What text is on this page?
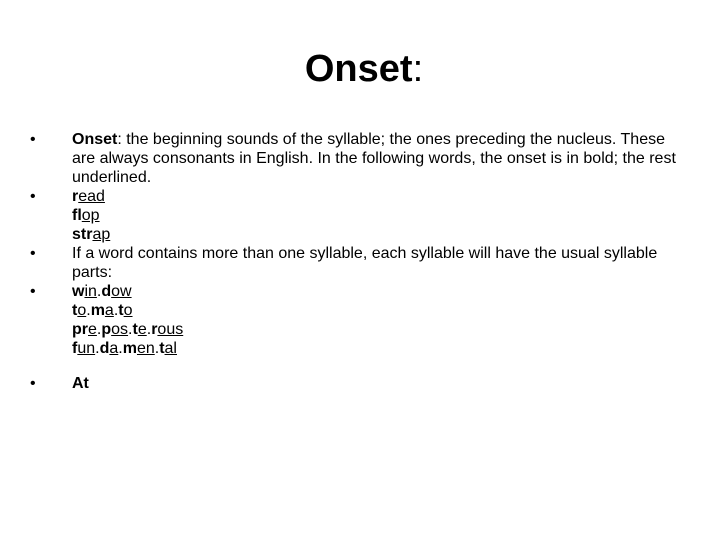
Onset:
• Onset: the beginning sounds of the syllable; the ones preceding the nucleus. These are always consonants in English. In the following words, the onset is in bold; the rest underlined.
• read
flop
strap
• If a word contains more than one syllable, each syllable will have the usual syllable parts:
• win.dow
to.ma.to
pre.pos.te.rous
fun.da.men.tal
• At
